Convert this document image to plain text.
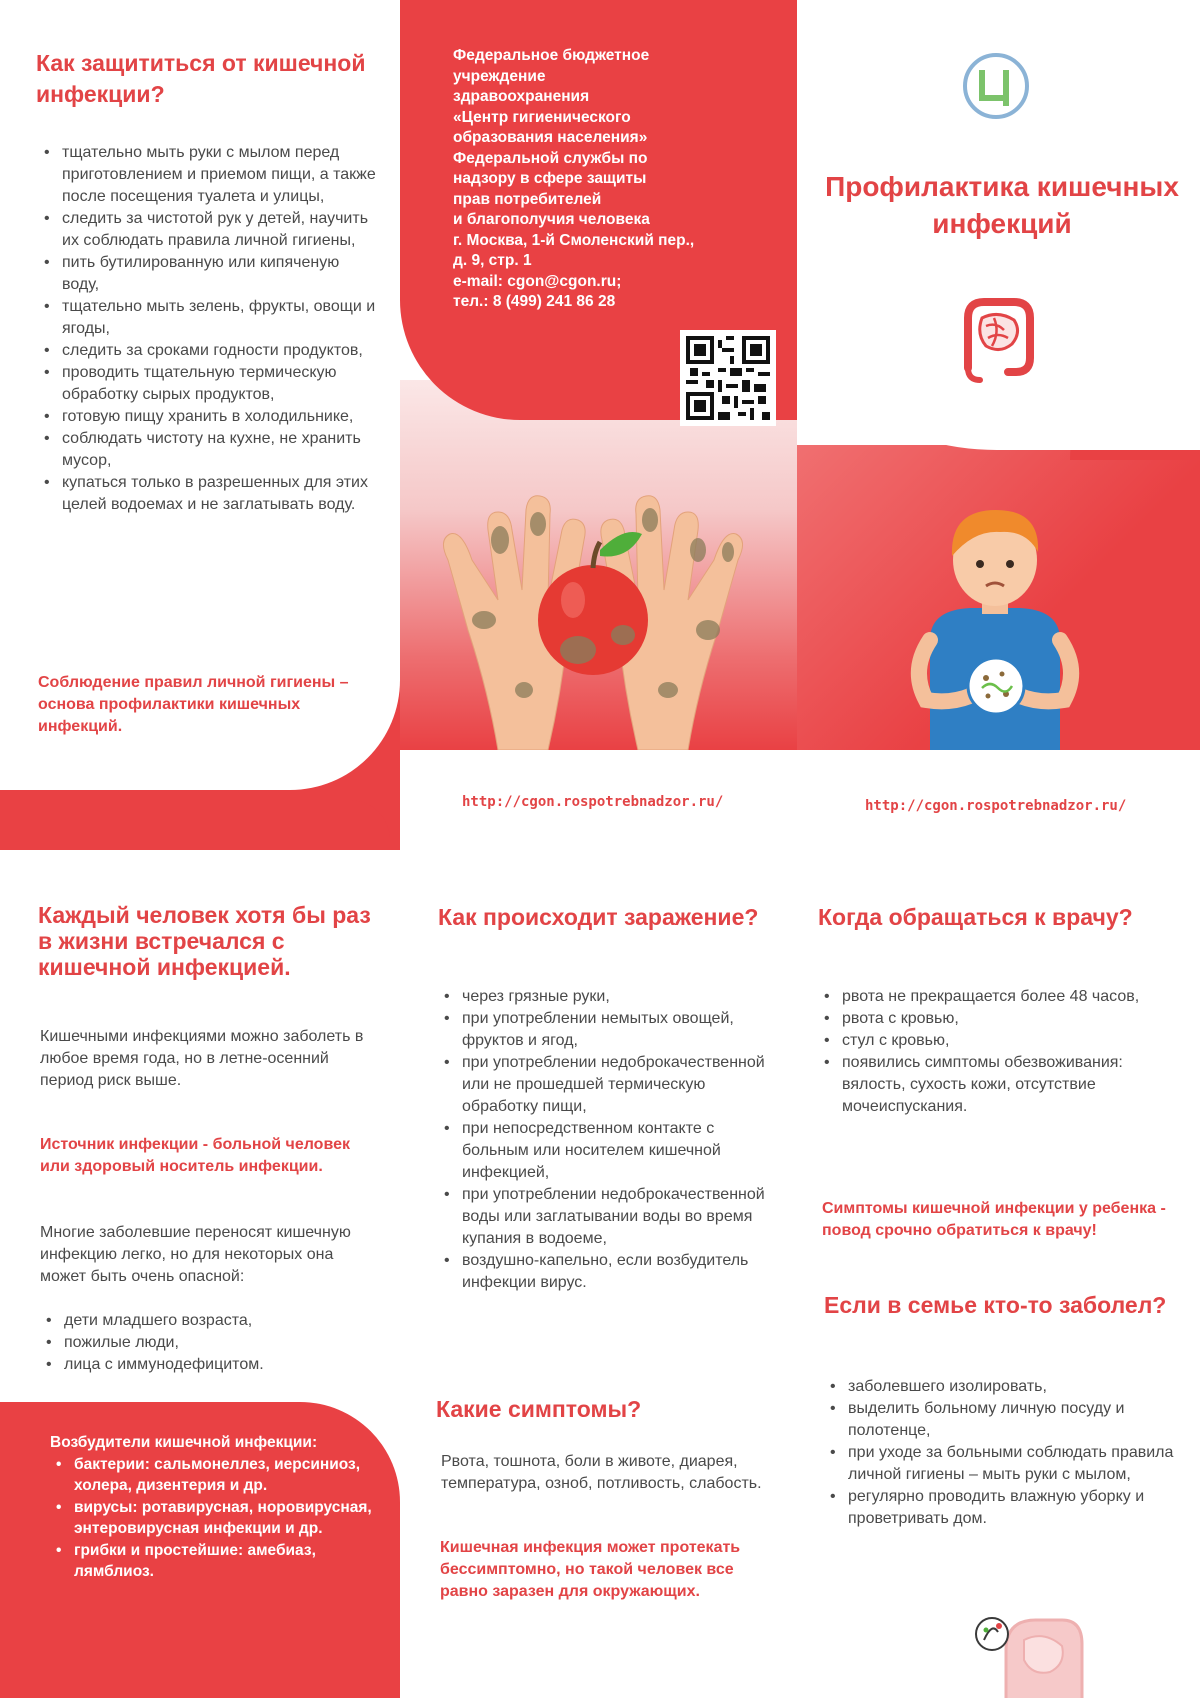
Как защититься от кишечной инфекции?
• тщательно мыть руки с мылом перед приготовлением и приемом пищи, а также после посещения туалета и улицы,
• следить за чистотой рук у детей, научить их соблюдать правила личной гигиены,
• пить бутилированную или кипяченую воду,
• тщательно мыть зелень, фрукты, овощи и ягоды,
• следить за сроками годности продуктов,
• проводить тщательную термическую обработку сырых продуктов,
• готовую пищу хранить в холодильнике,
• соблюдать чистоту на кухне, не хранить мусор,
• купаться только в разрешенных для этих целей водоемах и не заглатывать воду.

Соблюдение правил личной гигиены – основа профилактики кишечных инфекций.

Федеральное бюджетное
учреждение
здравоохранения
«Центр гигиенического
образования населения»
Федеральной службы по
надзору в сфере защиты
прав потребителей
и благополучия человека
г. Москва, 1-й Смоленский пер.,
д. 9, стр. 1
e-mail: cgon@cgon.ru;
тел.: 8 (499) 241 86 28
Профилактика кишечных инфекций
http://cgon.rospotrebnadzor.ru/	http://cgon.rospotrebnadzor.ru/
Каждый человек хотя бы раз в жизни встречался с кишечной инфекцией.

Кишечными инфекциями можно заболеть в любое время года, но в летне-осенний период риск выше.

Источник инфекции - больной человек или здоровый носитель инфекции.

Многие заболевшие переносят кишечную инфекцию легко, но для некоторых она может быть очень опасной:

• дети младшего возраста,
• пожилые люди,
• лица с иммунодефицитом.
Возбудители кишечной инфекции:
• бактерии: сальмонеллез, иерсиниоз, холера, дизентерия и др.
• вирусы: ротавирусная, норовирусная, энтеровирусная инфекции и др.
• грибки и простейшие: амебиаз, лямблиоз.
Как происходит заражение?
• через грязные руки,
• при употреблении немытых овощей, фруктов и ягод,
• при употреблении недоброкачественной или не прошедшей термическую обработку пищи,
• при непосредственном контакте с больным или носителем кишечной инфекцией,
• при употреблении недоброкачественной воды или заглатывании воды во время купания в водоеме,
• воздушно-капельно, если возбудитель инфекции вирус.
Какие симптомы?

Рвота, тошнота, боли в животе, диарея, температура, озноб, потливость, слабость.

Кишечная инфекция может протекать бессимптомно, но такой человек все равно заразен для окружающих.

Когда обращаться к врачу?
• рвота не прекращается более 48 часов,
• рвота с кровью,
• стул с кровью,
• появились симптомы обезвоживания: вялость, сухость кожи, отсутствие мочеиспускания.

Симптомы кишечной инфекции у ребенка - повод срочно обратиться к врачу!

Если в семье кто-то заболел?
• заболевшего изолировать,
• выделить больному личную посуду и полотенце,
• при уходе за больными соблюдать правила личной гигиены – мыть руки с мылом,
• регулярно проводить влажную уборку и проветривать дом.
